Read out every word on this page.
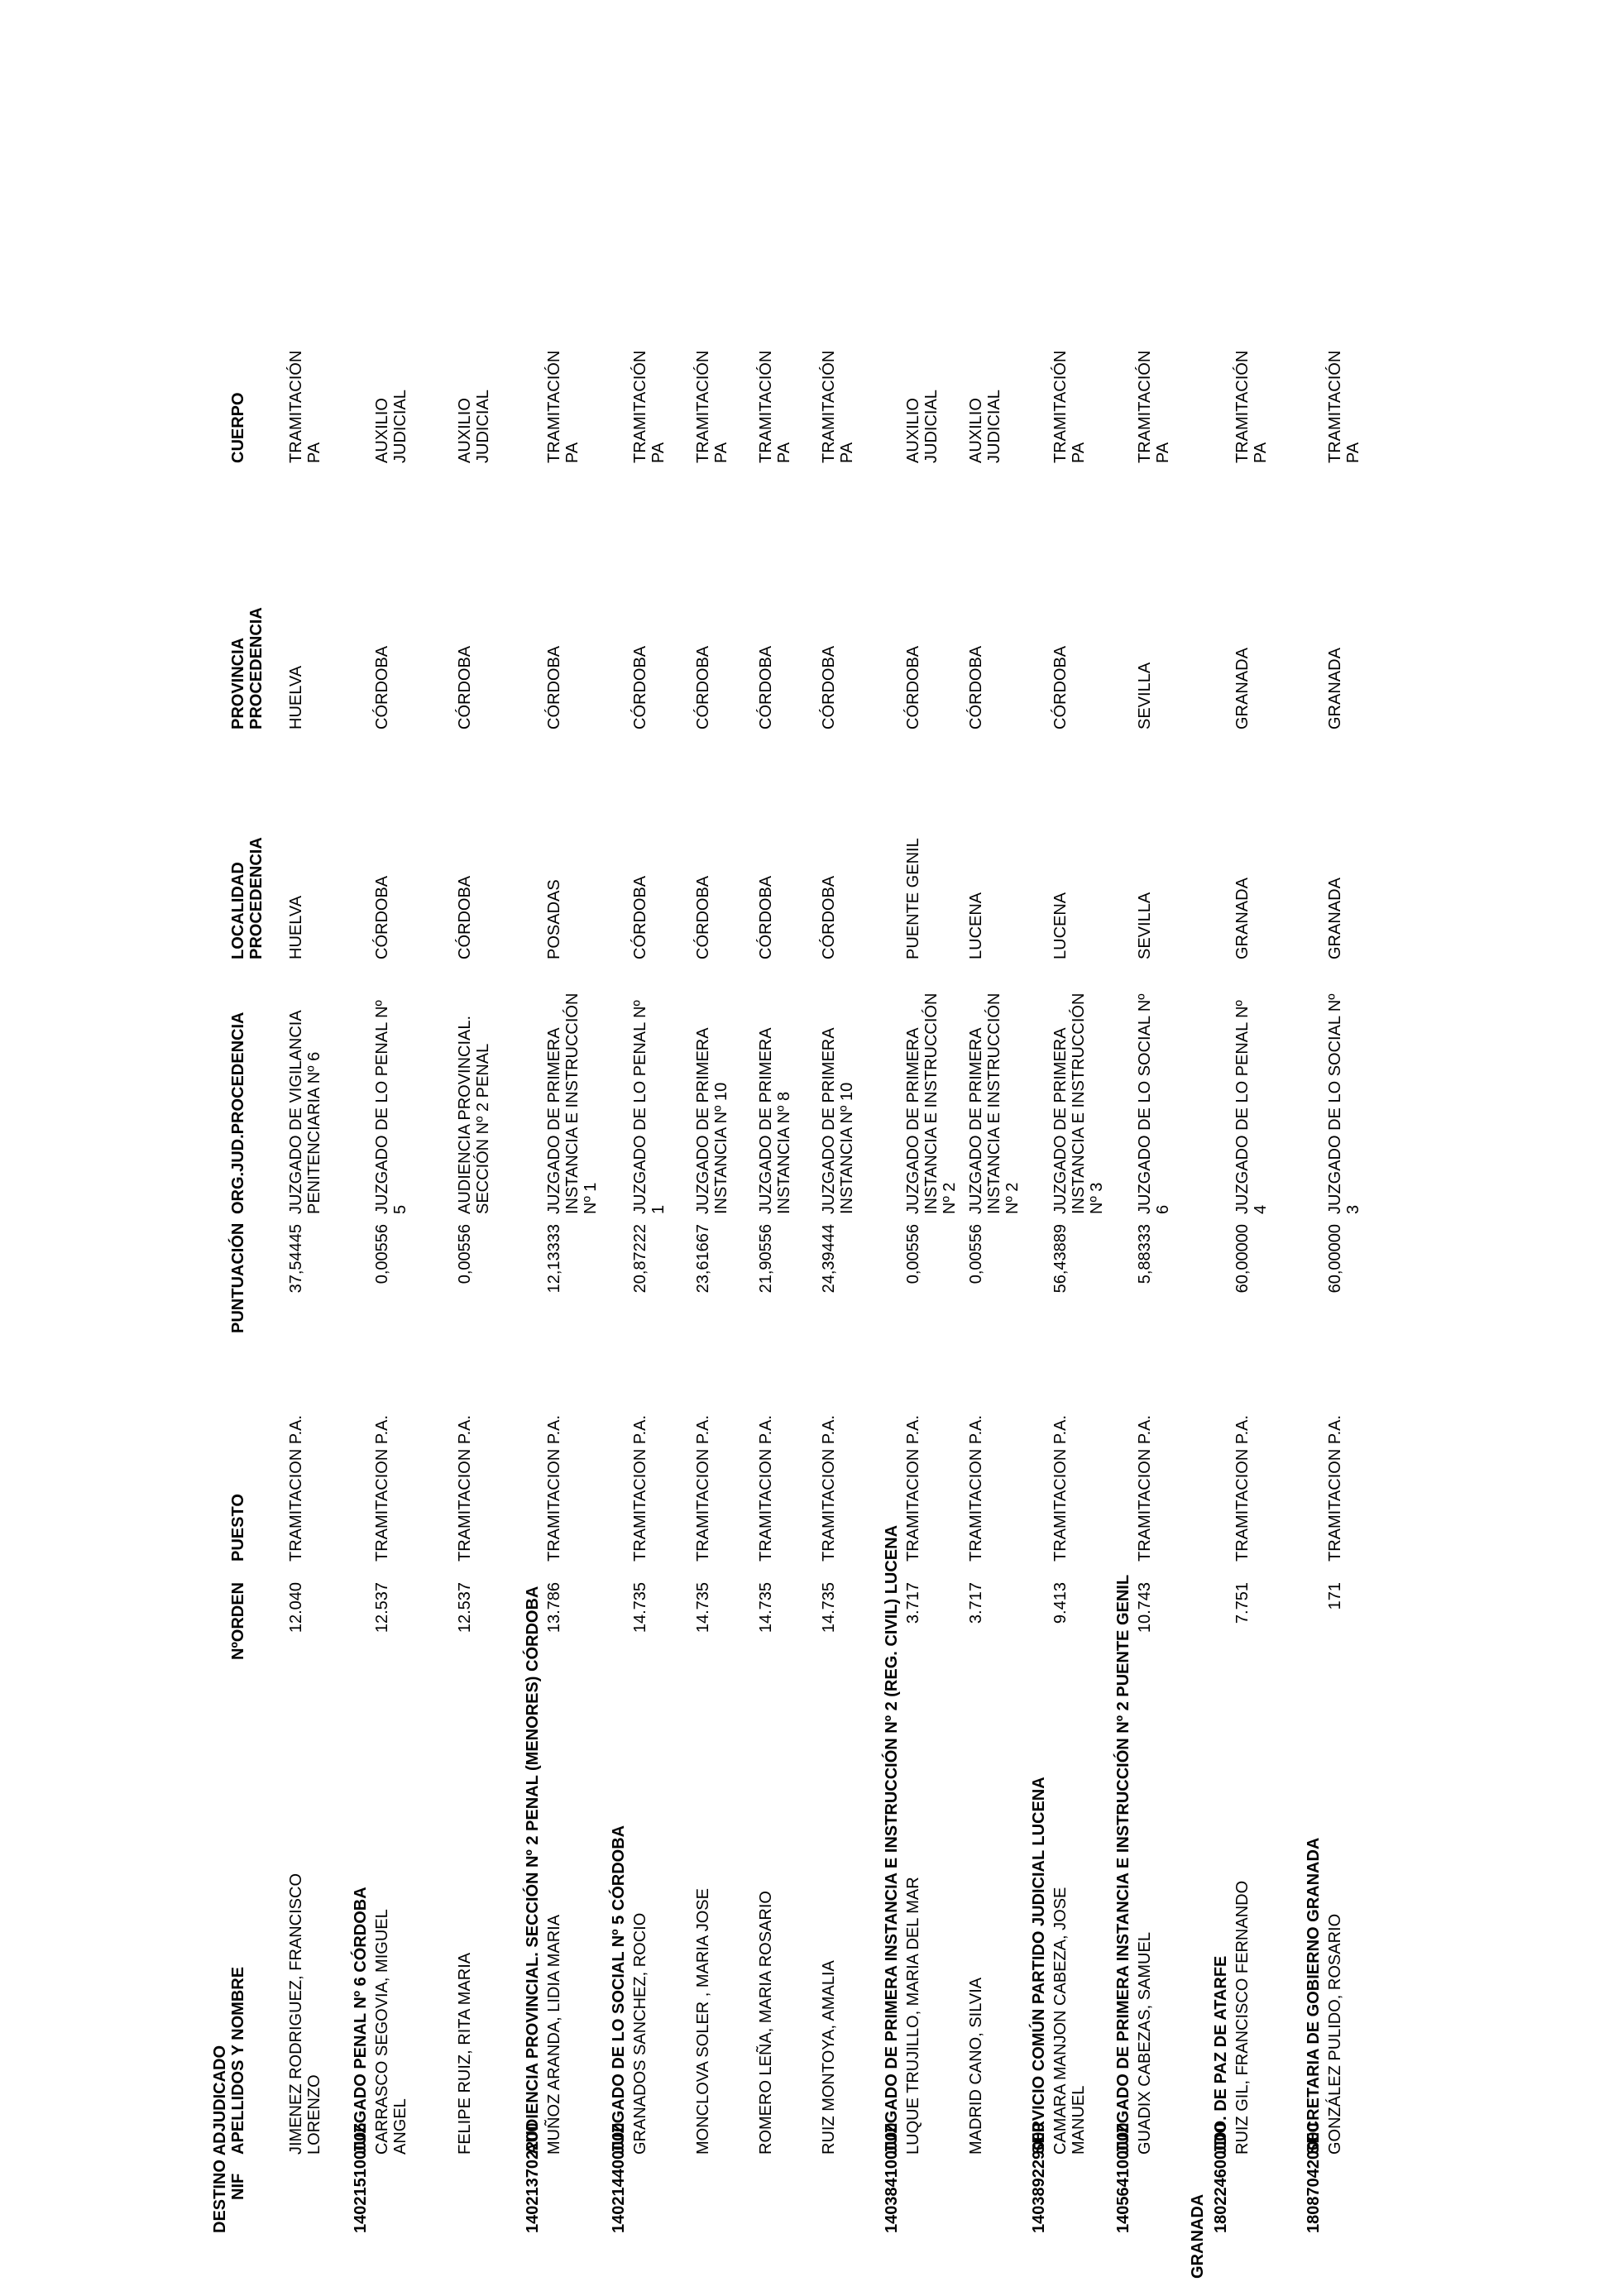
DESTINO ADJUDICADO NIF
APELLIDOS Y NOMBRE
NºORDEN
PUESTO
PUNTUACIÓN
ORG.JUD.PROCEDENCIA
LOCALIDAD
PROCEDENCIA
PROVINCIA
PROCEDENCIA
CUERPO
JIMENEZ RODRIGUEZ, FRANCISCO
LORENZO
12.040
TRAMITACION P.A.
37,54445
JUZGADO DE VIGILANCIA
PENITENCIARIA Nº 6
HUELVA
HUELVA
TRAMITACIÓN
PA
140215100006
JUZGADO PENAL Nº 6 CÓRDOBA CARRASCO SEGOVIA, MIGUEL ANGEL
12.537
TRAMITACION P.A.
0,00556
JUZGADO DE LO PENAL Nº 5
CÓRDOBA
CÓRDOBA
AUXILIO
JUDICIAL
FELIPE RUIZ, RITA MARIA
12.537
TRAMITACION P.A.
0,00556
AUDIENCIA PROVINCIAL.
SECCIÓN Nº 2 PENAL
CÓRDOBA
CÓRDOBA
AUXILIO
JUDICIAL
140213702200
AUDIENCIA PROVINCIAL. SECCIÓN Nº 2 PENAL (MENORES) CÓRDOBA MUÑOZ ARANDA, LIDIA MARIA
13.786
TRAMITACION P.A.
12,13333
JUZGADO DE PRIMERA
INSTANCIA E INSTRUCCIÓN Nº 1
POSADAS
CÓRDOBA
TRAMITACIÓN
PA
140214400000
JUZGADO DE LO SOCIAL Nº 5 CÓRDOBA GRANADOS SANCHEZ, ROCIO
14.735
TRAMITACION P.A.
20,87222
JUZGADO DE LO PENAL Nº 1
CÓRDOBA
CÓRDOBA
TRAMITACIÓN
PA
MONCLOVA SOLER , MARIA JOSE
14.735
TRAMITACION P.A.
23,61667
JUZGADO DE PRIMERA
INSTANCIA Nº 10
CÓRDOBA
CÓRDOBA
TRAMITACIÓN
PA
ROMERO LEÑA, MARIA ROSARIO
14.735
TRAMITACION P.A.
21,90556
JUZGADO DE PRIMERA
INSTANCIA Nº 8
CÓRDOBA
CÓRDOBA
TRAMITACIÓN
PA
RUIZ MONTOYA, AMALIA
14.735
TRAMITACION P.A.
24,39444
JUZGADO DE PRIMERA
INSTANCIA Nº 10
CÓRDOBA
CÓRDOBA
TRAMITACIÓN
PA
140384100000
JUZGADO DE PRIMERA INSTANCIA E INSTRUCCIÓN Nº 2 (REG. CIVIL) LUCENA LUQUE TRUJILLO, MARIA DEL MAR
3.717
TRAMITACION P.A.
0,00556
JUZGADO DE PRIMERA
INSTANCIA E INSTRUCCIÓN Nº 2
PUENTE GENIL
CÓRDOBA
AUXILIO
JUDICIAL
MADRID CANO, SILVIA
3.717
TRAMITACION P.A.
0,00556
JUZGADO DE PRIMERA
INSTANCIA E INSTRUCCIÓN Nº 2
LUCENA
CÓRDOBA
AUXILIO
JUDICIAL
140389229000
SERVICIO COMÚN PARTIDO JUDICIAL LUCENA CAMARA MANJON CABEZA, JOSE
MANUEL
9.413
TRAMITACION P.A.
56,43889
JUZGADO DE PRIMERA
INSTANCIA E INSTRUCCIÓN Nº 3
LUCENA
CÓRDOBA
TRAMITACIÓN
PA
140564100000
JUZGADO DE PRIMERA INSTANCIA E INSTRUCCIÓN Nº 2 PUENTE GENIL GUADIX CABEZAS, SAMUEL
10.743
TRAMITACION P.A.
5,88333
JUZGADO DE LO SOCIAL Nº 6
SEVILLA
SEVILLA
TRAMITACIÓN
PA
GRANADA
180224600000
JDO. DE PAZ DE ATARFE RUIZ GIL, FRANCISCO FERNANDO
7.751
TRAMITACION P.A.
60,00000
JUZGADO DE LO PENAL Nº 4
GRANADA
GRANADA
TRAMITACIÓN
PA
180870420000
SECRETARIA DE GOBIERNO GRANADA GONZÁLEZ PULIDO, ROSARIO
171
TRAMITACION P.A.
60,00000
JUZGADO DE LO SOCIAL Nº 3
GRANADA
GRANADA
TRAMITACIÓN
PA
